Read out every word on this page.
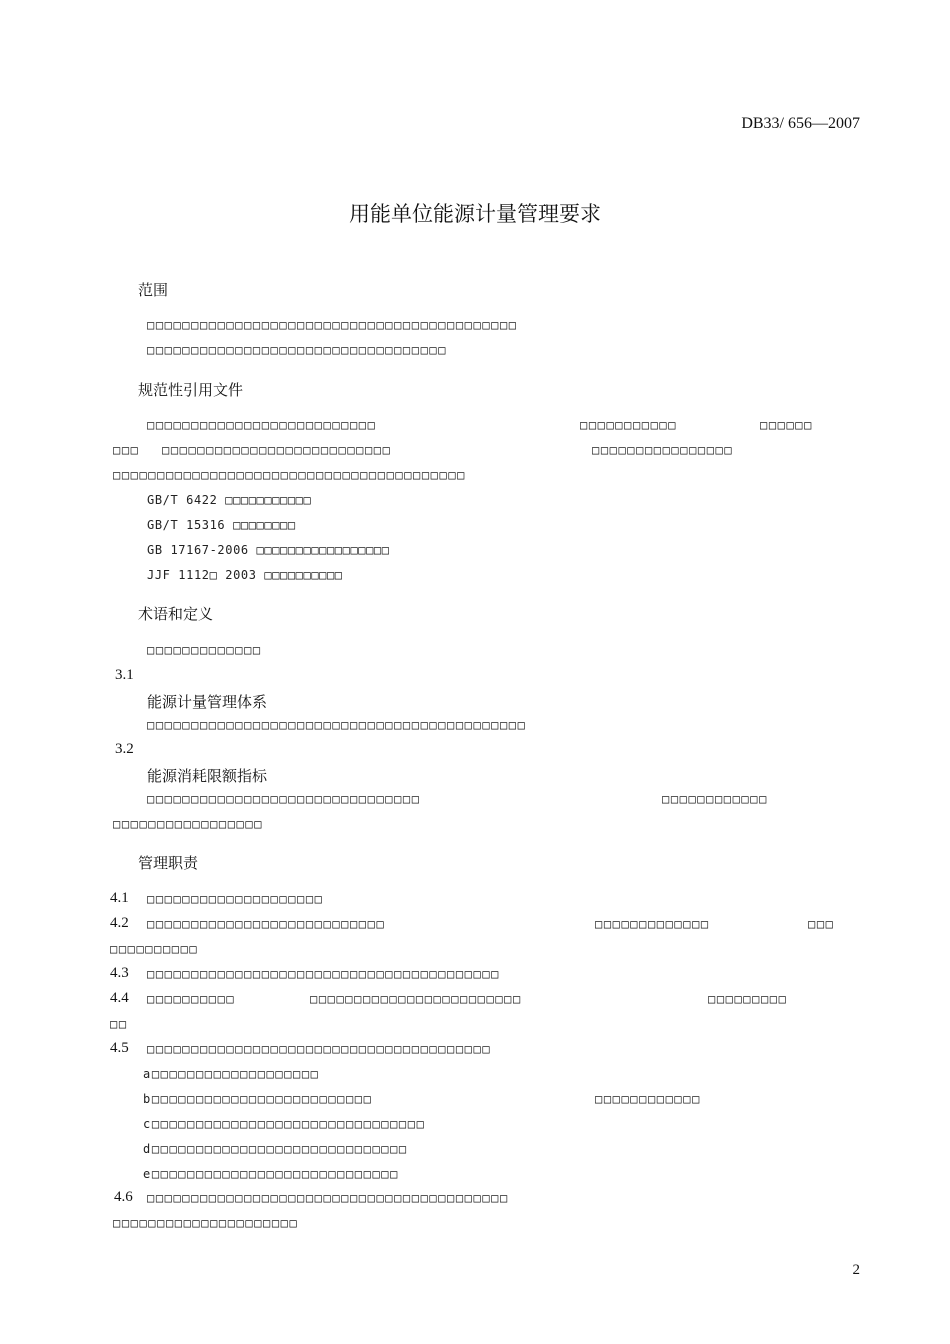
DB33/ 656—2007
用能单位能源计量管理要求
范围
□□□□□□□□□□□□□□□□□□□□□□□□□□□□□□□□□□□□□□□□□□
□□□□□□□□□□□□□□□□□□□□□□□□□□□□□□□□□□
规范性引用文件
□□□□□□□□□□□□□□□□□□□□□□□□□□	□□□□□□□□□□□	□□□□□□
□□□ □□□□□□□□□□□□□□□□□□□□□□□□□□	□□□□□□□□□□□□□□□□
□□□□□□□□□□□□□□□□□□□□□□□□□□□□□□□□□□□□□□□□
GB/T 6422 □□□□□□□□□□□
GB/T 15316 □□□□□□□□
GB 17167-2006 □□□□□□□□□□□□□□□□□
JJF 1112□ 2003 □□□□□□□□□□
术语和定义
□□□□□□□□□□□□□
3.1
能源计量管理体系
□□□□□□□□□□□□□□□□□□□□□□□□□□□□□□□□□□□□□□□□□□□
3.2
能源消耗限额指标
□□□□□□□□□□□□□□□□□□□□□□□□□□□□□□□	□□□□□□□□□□□□
□□□□□□□□□□□□□□□□□
管理职责
4.1 □□□□□□□□□□□□□□□□□□□□
4.2 □□□□□□□□□□□□□□□□□□□□□□□□□□□	□□□□□□□□□□□□□	□□□
□□□□□□□□□□
4.3 □□□□□□□□□□□□□□□□□□□□□□□□□□□□□□□□□□□□□□□□
4.4 □□□□□□□□□□	□□□□□□□□□□□□□□□□□□□□□□□□	□□□□□□□□□
□□
4.5 □□□□□□□□□□□□□□□□□□□□□□□□□□□□□□□□□□□□□□□
a□□□□□□□□□□□□□□□□□□□
b□□□□□□□□□□□□□□□□□□□□□□□□□	□□□□□□□□□□□□
c□□□□□□□□□□□□□□□□□□□□□□□□□□□□□□□
d□□□□□□□□□□□□□□□□□□□□□□□□□□□□□
e□□□□□□□□□□□□□□□□□□□□□□□□□□□□
4.6 □□□□□□□□□□□□□□□□□□□□□□□□□□□□□□□□□□□□□□□□□
□□□□□□□□□□□□□□□□□□□□□
2
